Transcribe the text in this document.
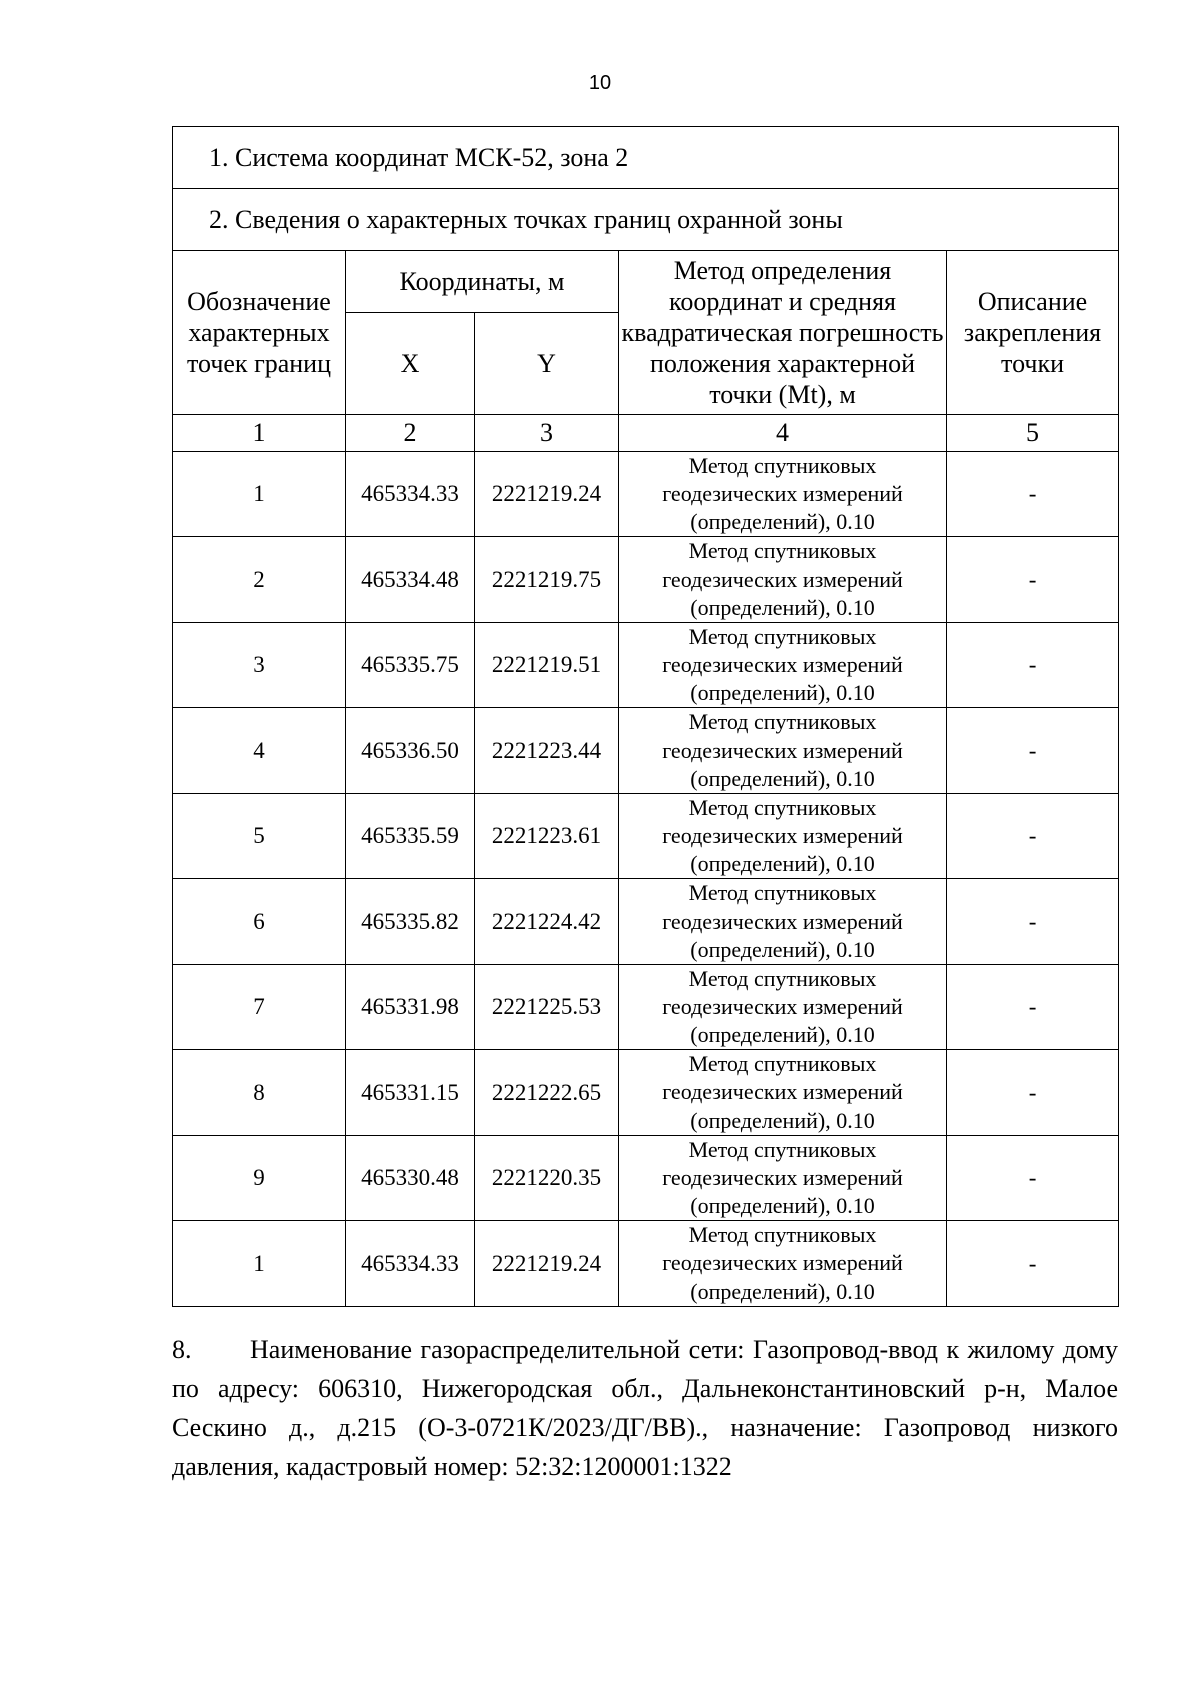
10
1. Система координат МСК-52, зона 2				
2. Сведения о характерных точках границ охранной зоны				
Обозначение характерных точек границ	Координаты, м		Метод определения координат и средняя квадратическая погрешность положения характерной точки (Mt), м	Описание закрепления точки
	X	Y		
1	2	3	4	5
1	465334.33	2221219.24	Метод спутниковых геодезических измерений (определений), 0.10	-
2	465334.48	2221219.75	Метод спутниковых геодезических измерений (определений), 0.10	-
3	465335.75	2221219.51	Метод спутниковых геодезических измерений (определений), 0.10	-
4	465336.50	2221223.44	Метод спутниковых геодезических измерений (определений), 0.10	-
5	465335.59	2221223.61	Метод спутниковых геодезических измерений (определений), 0.10	-
6	465335.82	2221224.42	Метод спутниковых геодезических измерений (определений), 0.10	-
7	465331.98	2221225.53	Метод спутниковых геодезических измерений (определений), 0.10	-
8	465331.15	2221222.65	Метод спутниковых геодезических измерений (определений), 0.10	-
9	465330.48	2221220.35	Метод спутниковых геодезических измерений (определений), 0.10	-
1	465334.33	2221219.24	Метод спутниковых геодезических измерений (определений), 0.10	-
8. Наименование газораспределительной сети: Газопровод-ввод к жилому дому по адресу: 606310, Нижегородская обл., Дальнеконстантиновский р-н, Малое Сескино д., д.215 (О-3-0721К/2023/ДГ/ВВ)., назначение: Газопровод низкого давления, кадастровый номер: 52:32:1200001:1322
